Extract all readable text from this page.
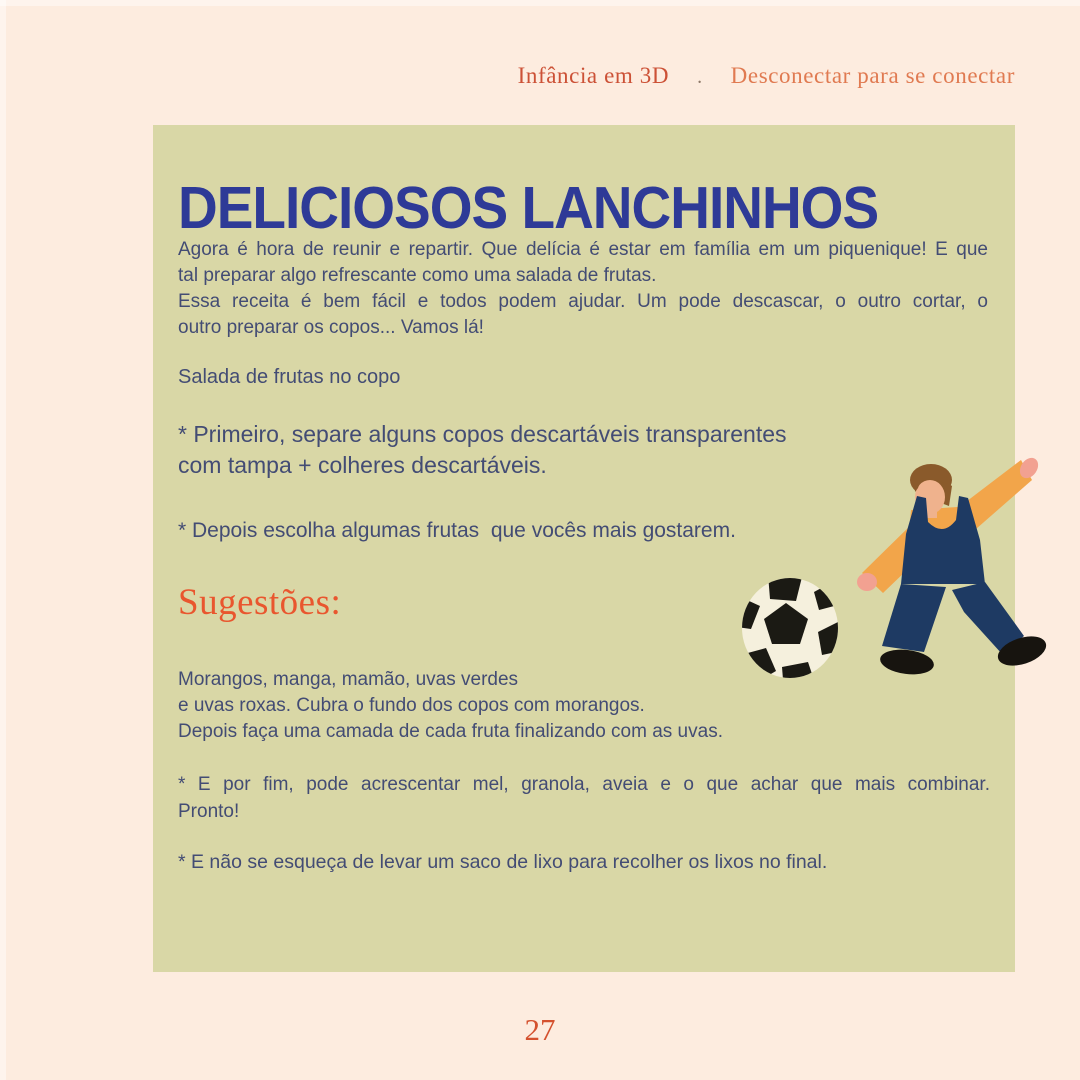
Infância em 3D . Desconectar para se conectar
DELICIOSOS LANCHINHOS

Agora é hora de reunir e repartir. Que delícia é estar em família em um piquenique! E que
tal preparar algo refrescante como uma salada de frutas.
Essa receita é bem fácil e todos podem ajudar. Um pode descascar, o outro cortar, o
outro preparar os copos... Vamos lá!

Salada de frutas no copo

* Primeiro, separe alguns copos descartáveis transparentes
com tampa + colheres descartáveis.

* Depois escolha algumas frutas  que vocês mais gostarem.

Sugestões:

Morangos, manga, mamão, uvas verdes
e uvas roxas. Cubra o fundo dos copos com morangos.
Depois faça uma camada de cada fruta finalizando com as uvas.

* E por fim, pode acrescentar mel, granola, aveia e o que achar que mais combinar.
Pronto!

* E não se esqueça de levar um saco de lixo para recolher os lixos no final.

27
